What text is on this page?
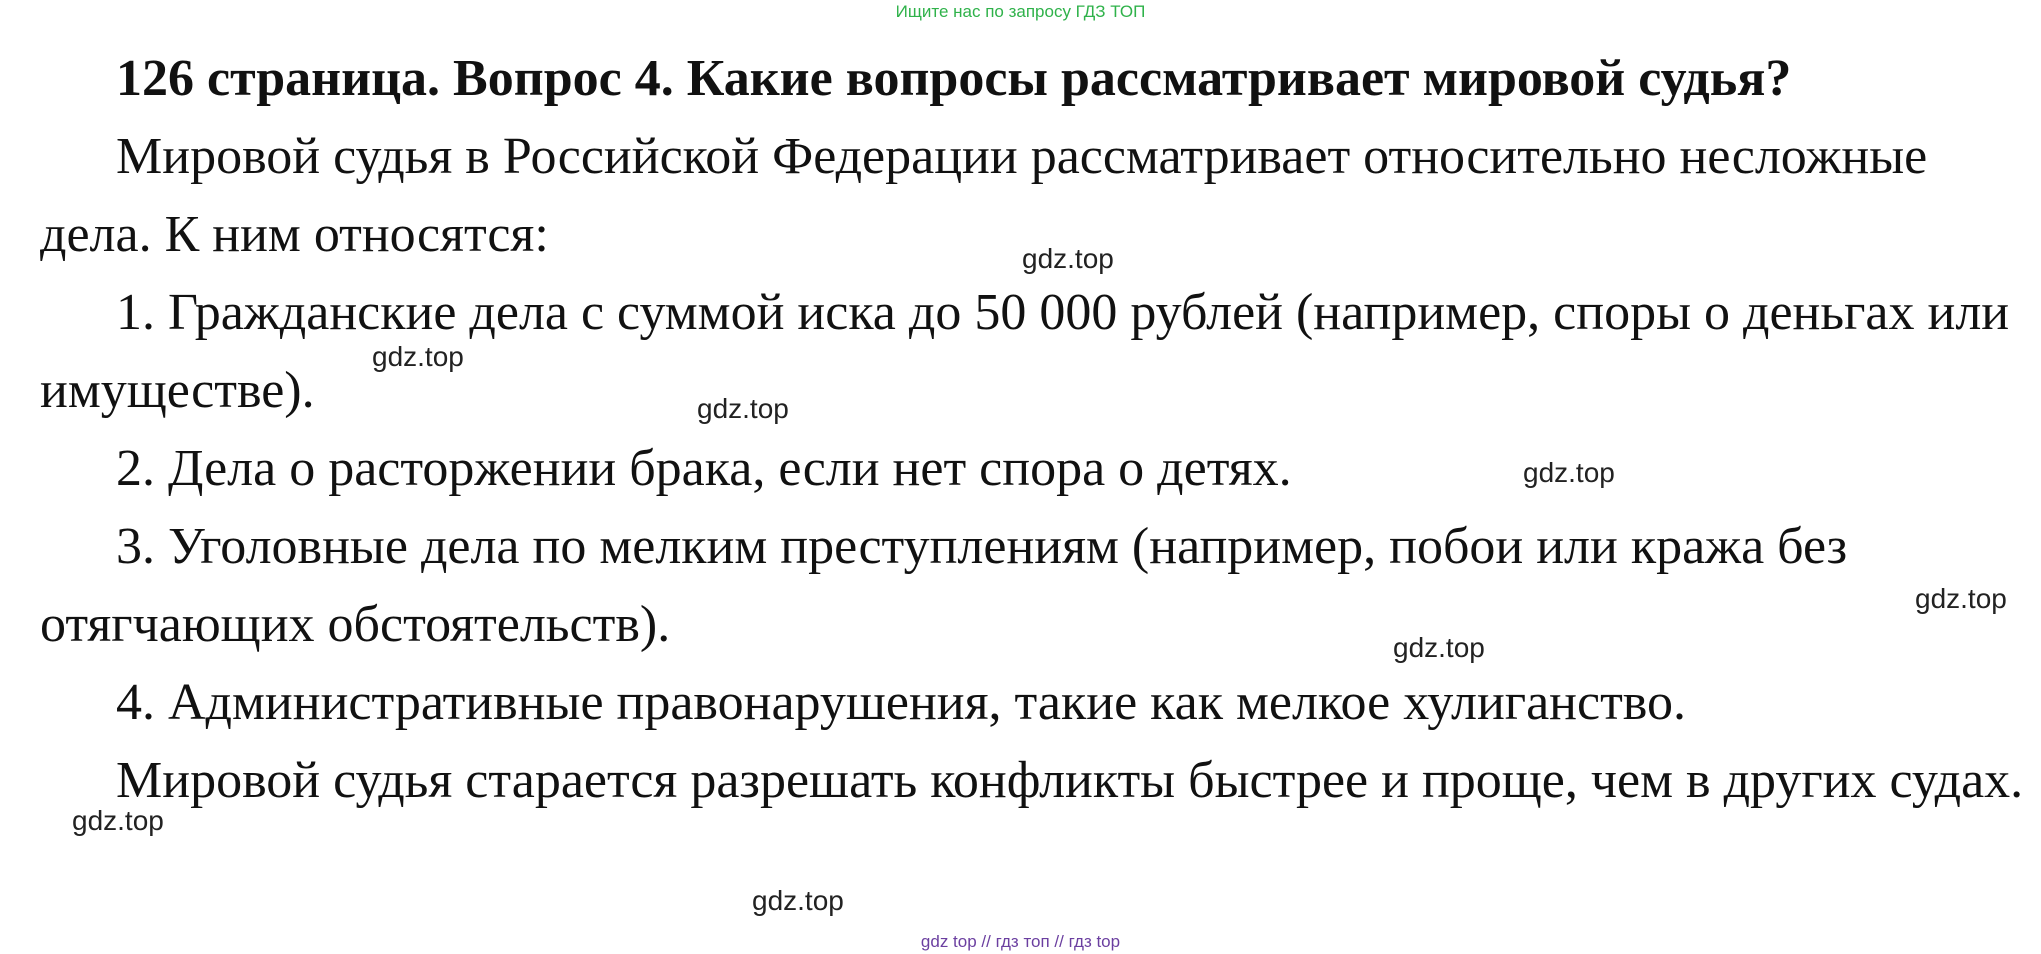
Ищите нас по запросу ГДЗ ТОП

126 страница. Вопрос 4. Какие вопросы рассматривает мировой судья?

Мировой судья в Российской Федерации рассматривает относительно несложные дела. К ним относятся:

1. Гражданские дела с суммой иска до 50 000 рублей (например, споры о деньгах или имуществе).

2. Дела о расторжении брака, если нет спора о детях.

3. Уголовные дела по мелким преступлениям (например, побои или кража без отягчающих обстоятельств).

4. Административные правонарушения, такие как мелкое хулиганство.

Мировой судья старается разрешать конфликты быстрее и проще, чем в других судах.

gdz.top
gdz.top
gdz.top
gdz.top
gdz.top
gdz.top
gdz.top
gdz.top
gdz top // гдз топ // гдз top
